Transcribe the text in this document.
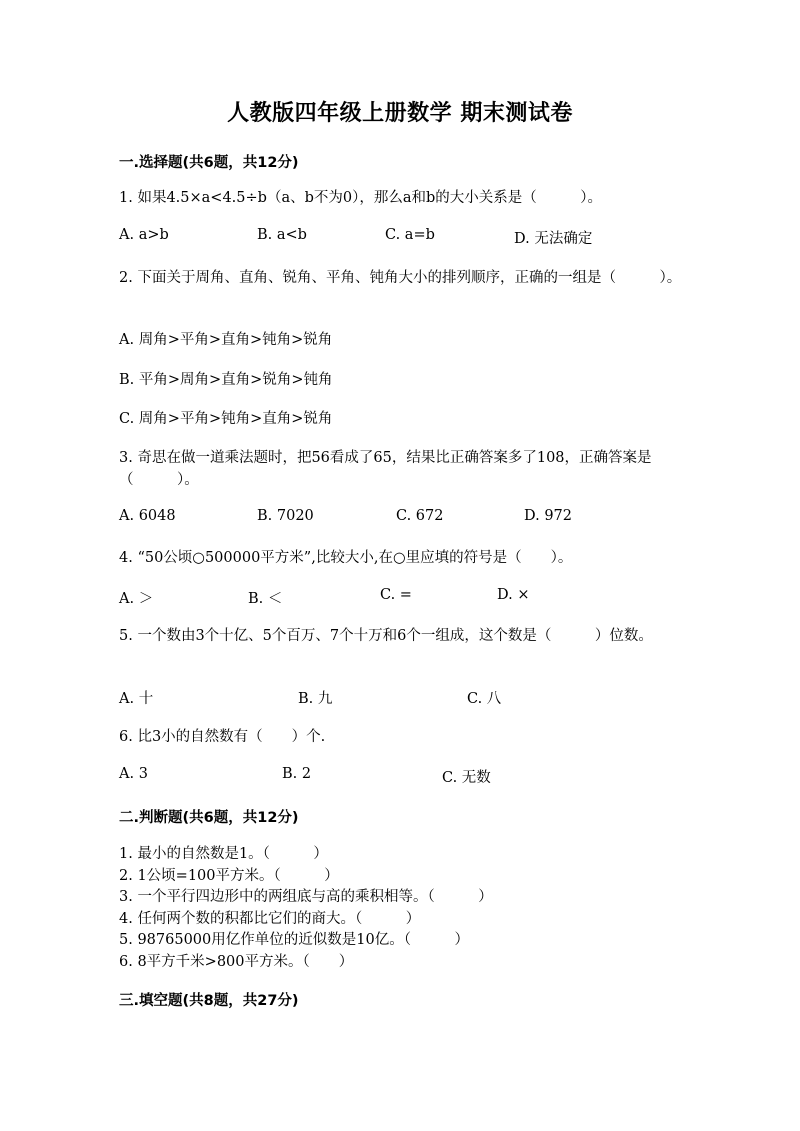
人教版四年级上册数学 期末测试卷
一.选择题(共6题，共12分)
1. 如果4.5×a<4.5÷b（a、b不为0），那么a和b的大小关系是（　　　）。
A. a>b	B. a<b	C. a=b	D. 无法确定
2. 下面关于周角、直角、锐角、平角、钝角大小的排列顺序，正确的一组是（　　　）。
A. 周角>平角>直角>钝角>锐角
B. 平角>周角>直角>锐角>钝角
C. 周角>平角>钝角>直角>锐角
3. 奇思在做一道乘法题时，把56看成了65，结果比正确答案多了108，正确答案是（　　　）。
A. 6048	B. 7020	C. 672	D. 972
4. “50公顷○500000平方米”,比较大小,在○里应填的符号是（　　）。
A. ＞	B. ＜	C. =	D. ×
5. 一个数由3个十亿、5个百万、7个十万和6个一组成，这个数是（　　　）位数。
A. 十	B. 九	C. 八
6. 比3小的自然数有（　　）个.
A. 3	B. 2	C. 无数
二.判断题(共6题，共12分)
1. 最小的自然数是1。（　　　）
2. 1公顷=100平方米。（　　　）
3. 一个平行四边形中的两组底与高的乘积相等。（　　　）
4. 任何两个数的积都比它们的商大。（　　　）
5. 98765000用亿作单位的近似数是10亿。（　　　）
6. 8平方千米>800平方米。（　　）
三.填空题(共8题，共27分)
